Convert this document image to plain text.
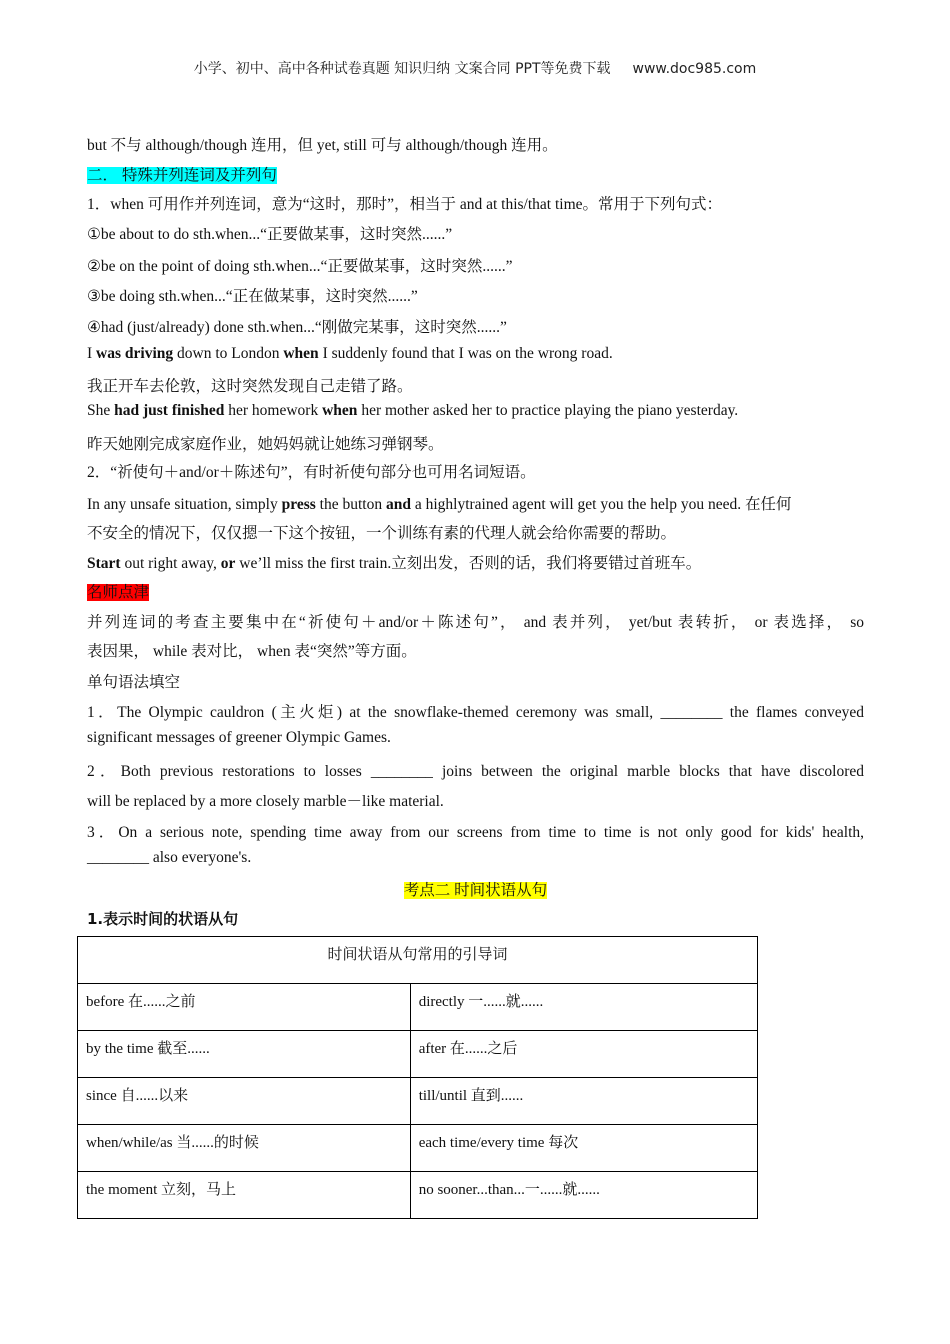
小学、初中、高中各种试卷真题 知识归纳 文案合同 PPT等免费下载 www.doc985.com
but 不与 although/though 连用，但 yet, still 可与 although/though 连用。
二． 特殊并列连词及并列句
1．when 可用作并列连词，意为“这时，那时”，相当于 and at this/that time。常用于下列句式：
①be about to do sth.when...“正要做某事，这时突然......”
②be on the point of doing sth.when...“正要做某事，这时突然......”
③be doing sth.when...“正在做某事，这时突然......”
④had (just/already) done sth.when...“刚做完某事，这时突然......”
I was driving down to London when I suddenly found that I was on the wrong road.
我正开车去伦敦，这时突然发现自己走错了路。
She had just finished her homework when her mother asked her to practice playing the piano yesterday.
昨天她刚完成家庭作业，她妈妈就让她练习弹钢琴。
2．“祈使句＋and/or＋陈述句”，有时祈使句部分也可用名词短语。
In any unsafe situation, simply press the button and a highlytrained agent will get you the help you need. 在任何
不安全的情况下，仅仅摁一下这个按钮，一个训练有素的代理人就会给你需要的帮助。
Start out right away, or we’ll miss the first train.立刻出发，否则的话，我们将要错过首班车。
名师点津
并列连词的考查主要集中在“祈使句＋and/or＋陈述句”， and 表并列， yet/but 表转折， or 表选择， so
表因果， while 表对比， when 表“突然”等方面。
单句语法填空
1．The Olympic cauldron (主火炬) at the snowflake-themed ceremony was small, ________ the flames conveyed
significant messages of greener Olympic Games.
2．Both previous restorations to losses ________ joins between the original marble blocks that have discolored
will be replaced by a more closely marble－like material.
3．On a serious note, spending time away from our screens from time to time is not only good for kids' health,
________ also everyone's.
考点二 时间状语从句
1.表示时间的状语从句
时间状语从句常用的引导词	
before 在......之前	directly 一......就......
by the time 截至......	after 在......之后
since 自......以来	till/until 直到......
when/while/as 当......的时候	each time/every time 每次
the moment 立刻，马上	no sooner...than...一......就......
